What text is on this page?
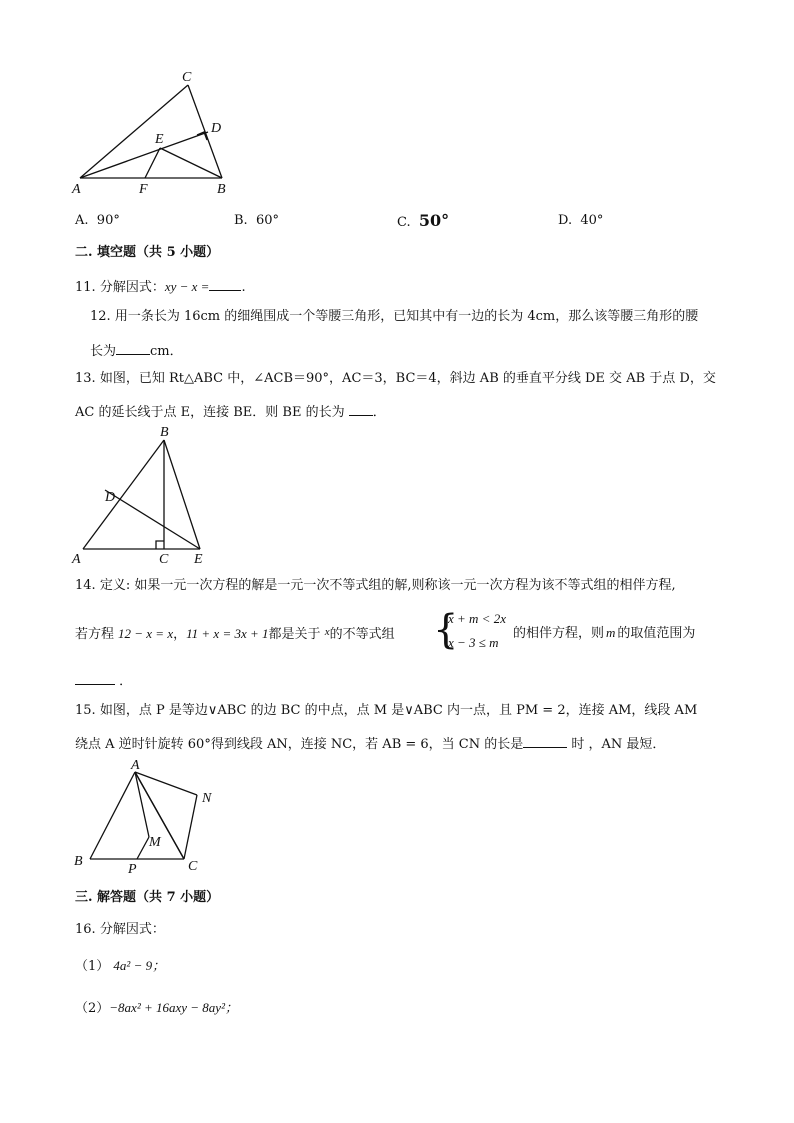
C
D
E
A	F	B
A. 90°	B. 60°	C. 50°	D. 40°
二. 填空题（共 5 小题）
11. 分解因式：xy − x = .
12. 用一条长为 16cm 的细绳围成一个等腰三角形，已知其中有一边的长为 4cm，那么该等腰三角形的腰
长为	cm．
13. 如图，已知 Rt△ABC 中，∠ACB＝90°，AC＝3，BC＝4，斜边 AB 的垂直平分线 DE 交 AB 于点 D，交
AC 的延长线于点 E，连接 BE．则 BE 的长为 ．
B
D
A	C E
14. 定义: 如果一元一次方程的解是一元一次不等式组的解,则称该一元一次方程为该不等式组的相伴方程,
若方程 12 − x = x，11 + x = 3x + 1都是关于 $^x$的不等式组 {
x + m < 2x
x − 3 ≤ m
的相伴方程，则 m 的取值范围为
．
15. 如图，点 P 是等边∨ABC 的边 BC 的中点，点 M 是∨ABC 内一点，且 PM = 2，连接 AM，线段 AM
绕点 A 逆时针旋转 60°得到线段 AN，连接 NC，若 AB = 6，当 CN 的长是	时 ，AN 最短．
A
N
M
B
P	C
三. 解答题（共 7 小题）
16. 分解因式：
（1） 4a² − 9；
（2）−8ax² + 16axy − 8ay²；
